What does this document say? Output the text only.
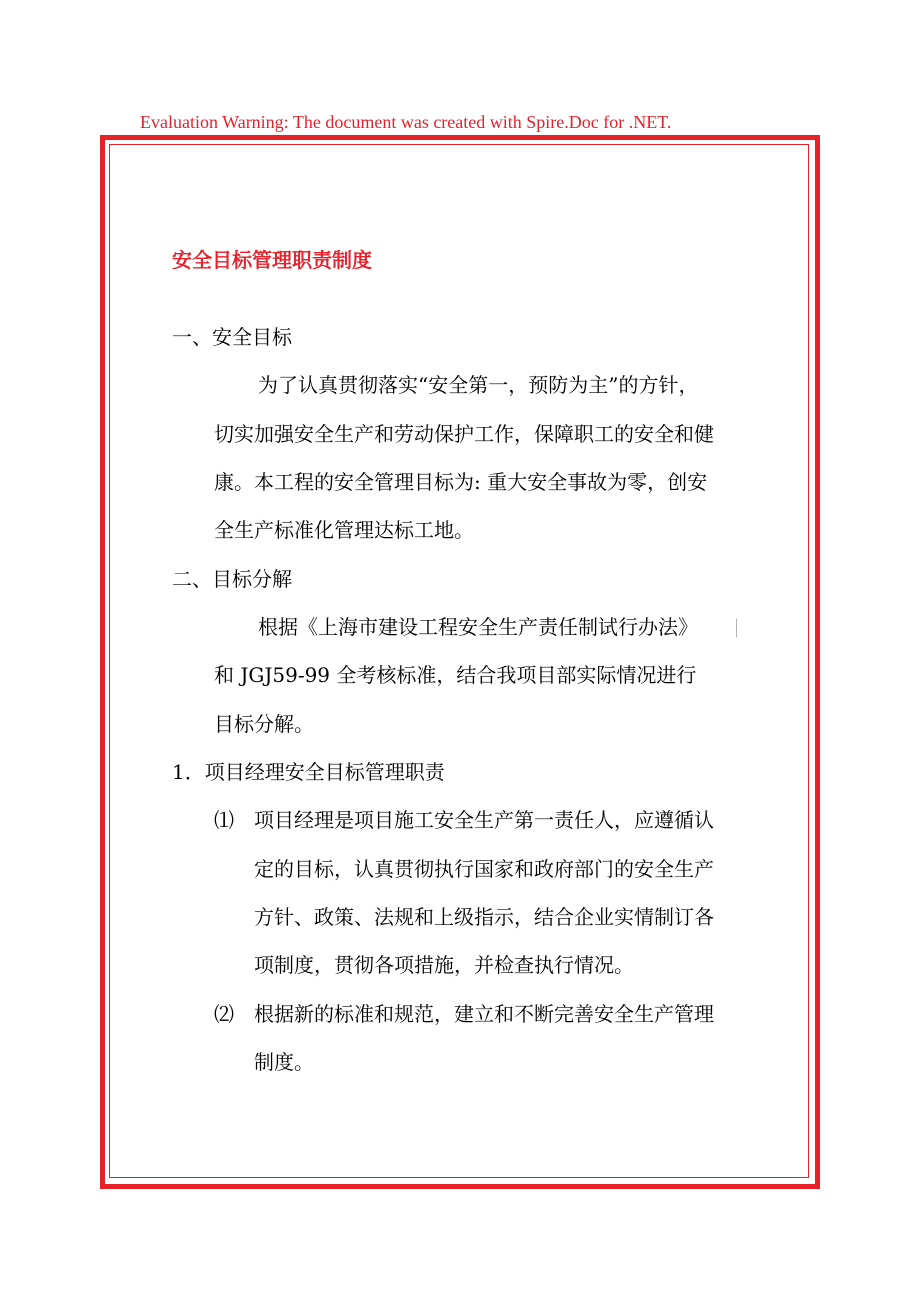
Evaluation Warning: The document was created with Spire.Doc for .NET.
安全目标管理职责制度
一、安全目标
为了认真贯彻落实“安全第一，预防为主”的方针，
切实加强安全生产和劳动保护工作，保障职工的安全和健
康。本工程的安全管理目标为: 重大安全事故为零，创安
全生产标准化管理达标工地。
二、目标分解
根据《上海市建设工程安全生产责任制试行办法》
和 JGJ59-99 全考核标准，结合我项目部实际情况进行
目标分解。
1．项目经理安全目标管理职责
⑴ 项目经理是项目施工安全生产第一责任人，应遵循认
定的目标，认真贯彻执行国家和政府部门的安全生产
方针、政策、法规和上级指示，结合企业实情制订各
项制度，贯彻各项措施，并检查执行情况。
⑵ 根据新的标准和规范，建立和不断完善安全生产管理
制度。
